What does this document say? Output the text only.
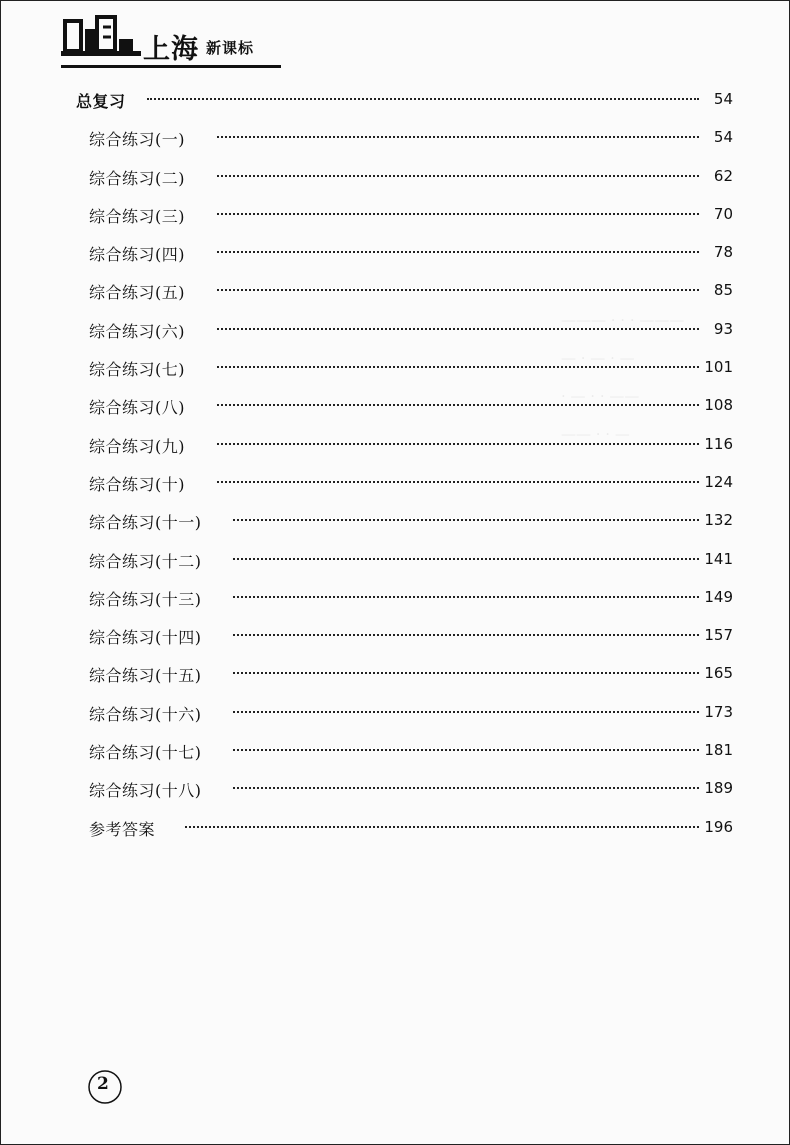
——— · · · ———
— · — · —
· — · · ——
—— · · —
上海 新课标
总复习	54
综合练习(一)	54
综合练习(二)	62
综合练习(三)	70
综合练习(四)	78
综合练习(五)	85
综合练习(六)	93
综合练习(七)	101
综合练习(八)	108
综合练习(九)	116
综合练习(十)	124
综合练习(十一)	132
综合练习(十二)	141
综合练习(十三)	149
综合练习(十四)	157
综合练习(十五)	165
综合练习(十六)	173
综合练习(十七)	181
综合练习(十八)	189
参考答案	196
2
